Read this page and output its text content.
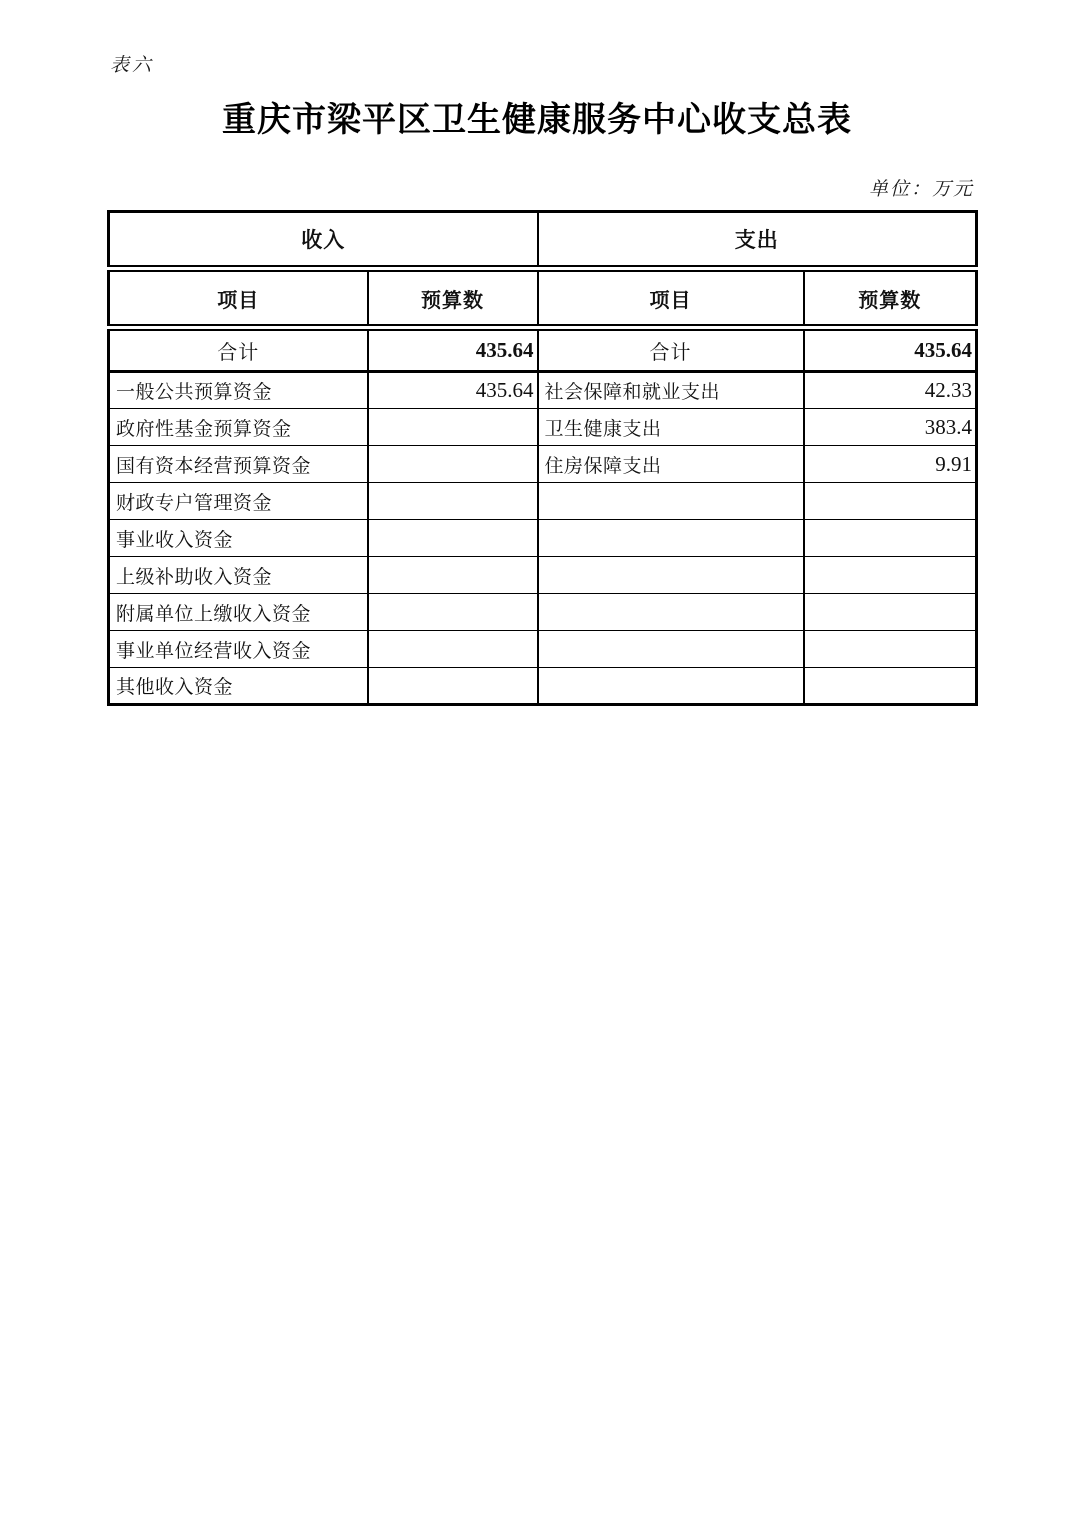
表六
重庆市梁平区卫生健康服务中心收支总表
单位：万元
收入		支出	
项目	预算数	项目	预算数
合计	435.64	合计	435.64
一般公共预算资金	435.64	社会保障和就业支出	42.33
政府性基金预算资金		卫生健康支出	383.4
国有资本经营预算资金		住房保障支出	9.91
财政专户管理资金			
事业收入资金			
上级补助收入资金			
附属单位上缴收入资金			
事业单位经营收入资金			
其他收入资金			
